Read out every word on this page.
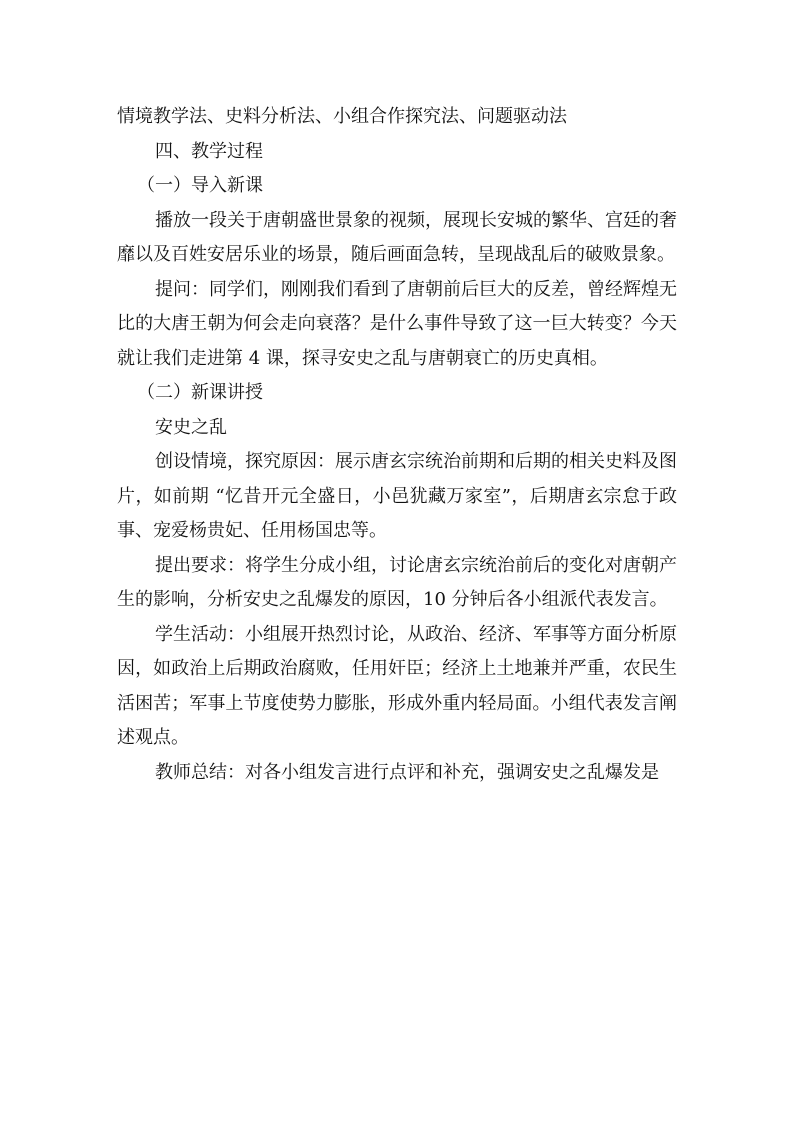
情境教学法、史料分析法、小组合作探究法、问题驱动法

四、教学过程

（一）导入新课

播放一段关于唐朝盛世景象的视频，展现长安城的繁华、宫廷的奢靡以及百姓安居乐业的场景，随后画面急转，呈现战乱后的破败景象。

提问：同学们，刚刚我们看到了唐朝前后巨大的反差，曾经辉煌无比的大唐王朝为何会走向衰落？是什么事件导致了这一巨大转变？今天就让我们走进第 4 课，探寻安史之乱与唐朝衰亡的历史真相。

（二）新课讲授

安史之乱

创设情境，探究原因：展示唐玄宗统治前期和后期的相关史料及图片，如前期 “忆昔开元全盛日，小邑犹藏万家室”，后期唐玄宗怠于政事、宠爱杨贵妃、任用杨国忠等。

提出要求：将学生分成小组，讨论唐玄宗统治前后的变化对唐朝产生的影响，分析安史之乱爆发的原因，10 分钟后各小组派代表发言。

学生活动：小组展开热烈讨论，从政治、经济、军事等方面分析原因，如政治上后期政治腐败，任用奸臣；经济上土地兼并严重，农民生活困苦；军事上节度使势力膨胀，形成外重内轻局面。小组代表发言阐述观点。

教师总结：对各小组发言进行点评和补充，强调安史之乱爆发是
